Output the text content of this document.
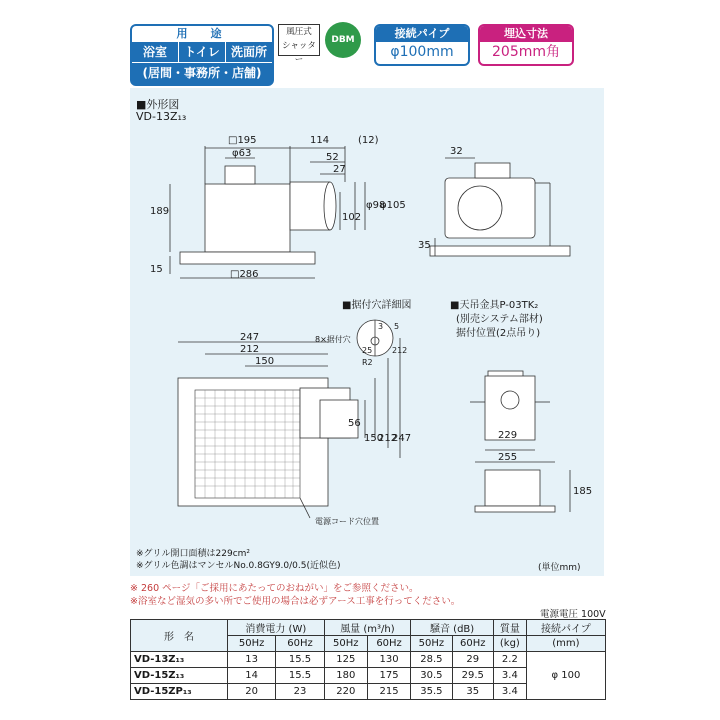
用　途
浴室	トイレ 洗面所
(居間・事務所・店舗)
風圧式
シャッター
DBM	接続パイプ
φ100mm
埋込寸法
205mm角
■外形図
VD-13Z₁₃
□195	114	(12)
φ63	52
27
φ98
φ105
102
189
15	□286
32
35
■据付穴詳細図	■天吊金具P-03TK₂
(別売システム部材)
据付位置(2点吊り)
247
212
150
8×据付穴
56
150
212
247	229
255
185
3 5
25 212
R2
電源コード穴位置
※グリル開口面積は229cm²
※グリル色調はマンセルNo.0.8GY9.0/0.5(近似色)	(単位mm)
※ 260 ページ「ご採用にあたってのおねがい」をご参照ください。
※浴室など湿気の多い所でご使用の場合は必ずアース工事を行ってください。
電源電圧 100V
形　名	消費電力 (W)		風量 (m³/h)		騒音 (dB)		質量	接続パイプ
	50Hz	60Hz	50Hz	60Hz	50Hz	60Hz	(kg)	(mm)
VD-13Z₁₃	13	15.5	125	130	28.5	29	2.2	φ 100
VD-15Z₁₃	14	15.5	180	175	30.5	29.5	3.4	
VD-15ZP₁₃	20	23	220	215	35.5	35	3.4	
